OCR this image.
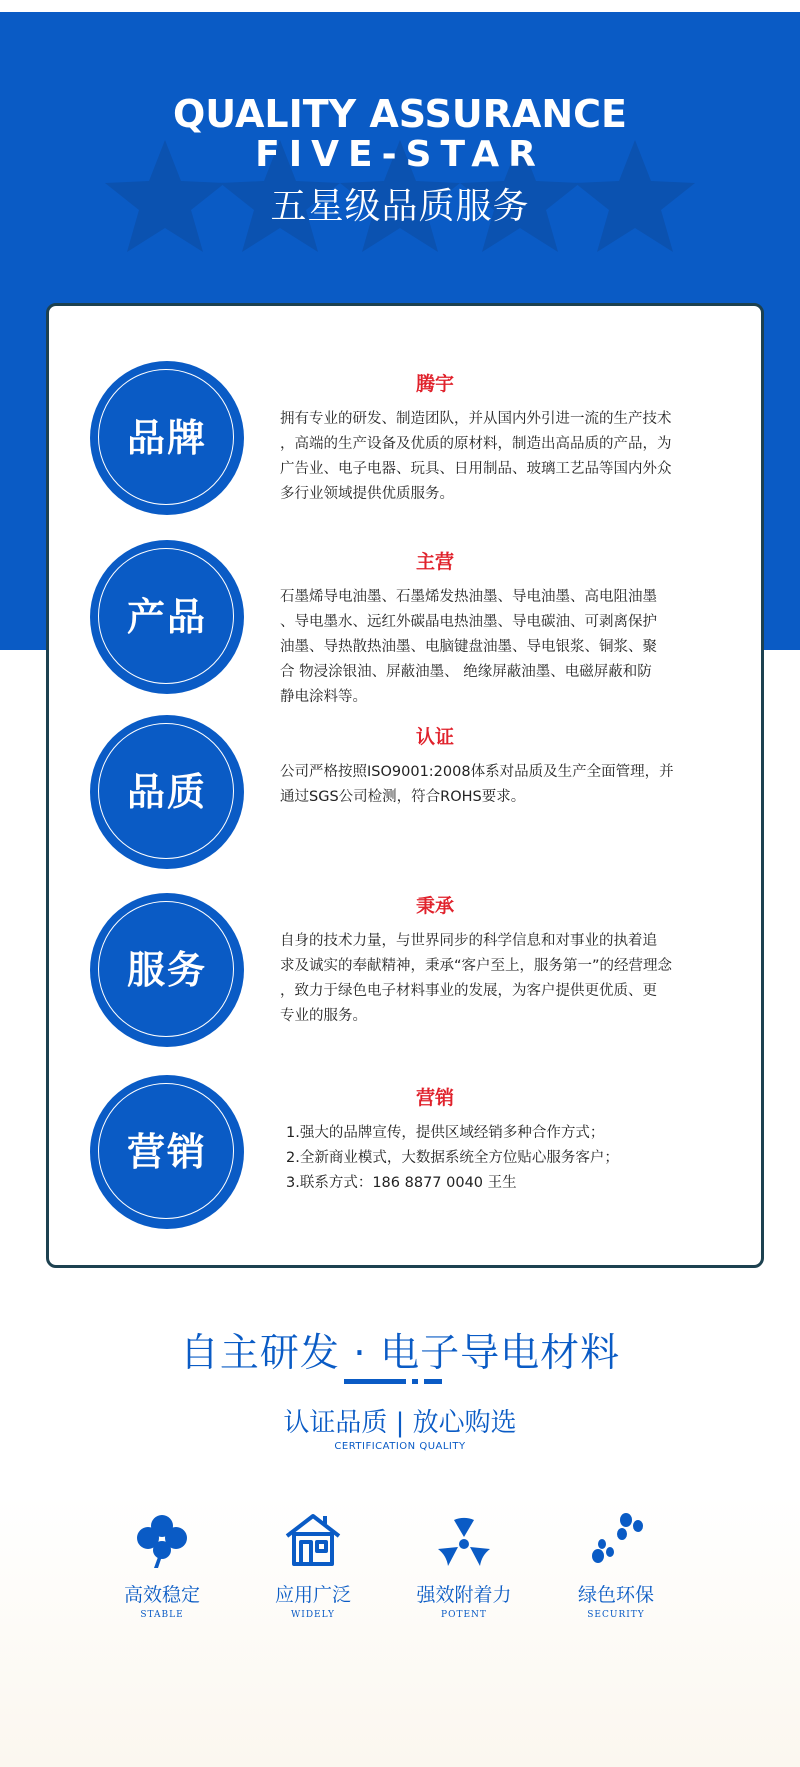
QUALITY ASSURANCE
FIVE-STAR
五星级品质服务
品牌
腾宇
拥有专业的研发、制造团队，并从国内外引进一流的生产技术
，高端的生产设备及优质的原材料，制造出高品质的产品，为
广告业、电子电器、玩具、日用制品、玻璃工艺品等国内外众
多行业领域提供优质服务。
产品
主营
石墨烯导电油墨、石墨烯发热油墨、导电油墨、高电阻油墨
、导电墨水、远红外碳晶电热油墨、导电碳油、可剥离保护
油墨、导热散热油墨、电脑键盘油墨、导电银浆、铜浆、聚
合 物浸涂银油、屏蔽油墨、 绝缘屏蔽油墨、电磁屏蔽和防
静电涂料等。
品质
认证
公司严格按照ISO9001:2008体系对品质及生产全面管理，并
通过SGS公司检测，符合ROHS要求。
服务
秉承
自身的技术力量，与世界同步的科学信息和对事业的执着追
求及诚实的奉献精神，秉承“客户至上，服务第一”的经营理念
，致力于绿色电子材料事业的发展，为客户提供更优质、更
专业的服务。
营销
营销
1.强大的品牌宣传，提供区域经销多种合作方式；
2.全新商业模式，大数据系统全方位贴心服务客户；
3.联系方式：186 8877 0040 王生
自主研发 · 电子导电材料
认证品质 | 放心购选
CERTIFICATION QUALITY
高效稳定
STABLE
应用广泛
WIDELY
强效附着力
POTENT
绿色环保
SECURITY
